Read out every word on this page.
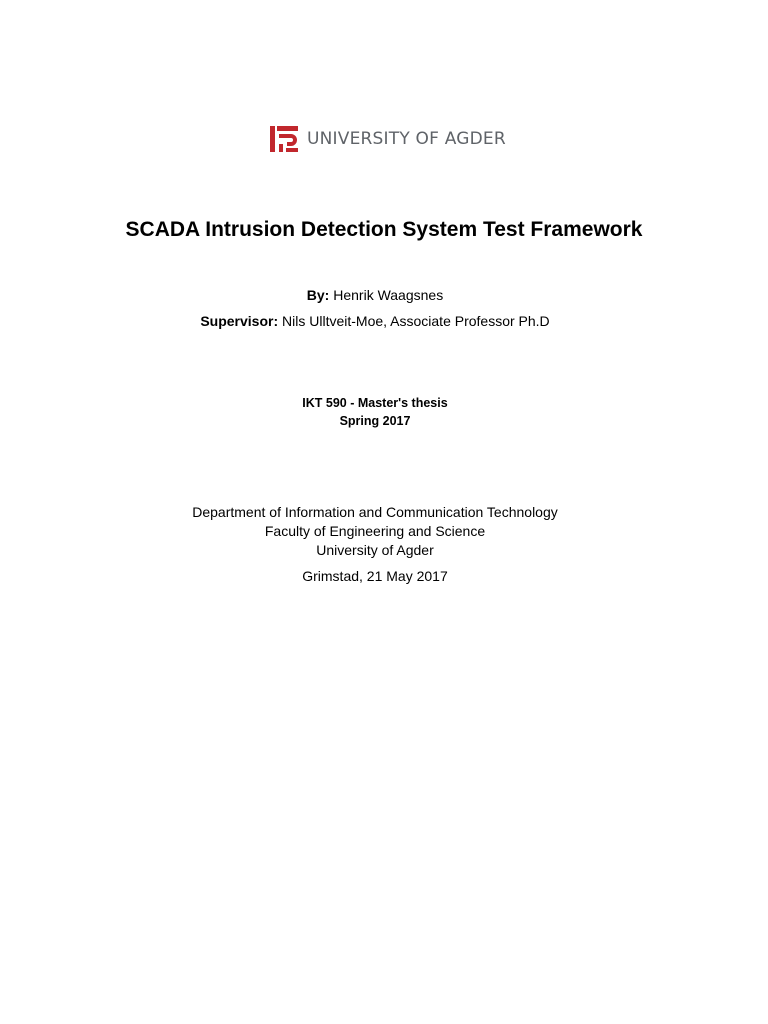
UNIVERSITY OF AGDER
SCADA Intrusion Detection System Test Framework
By: Henrik Waagsnes
Supervisor: Nils Ulltveit-Moe, Associate Professor Ph.D
IKT 590 - Master's thesis
Spring 2017
Department of Information and Communication Technology
Faculty of Engineering and Science
University of Agder
Grimstad, 21 May 2017
